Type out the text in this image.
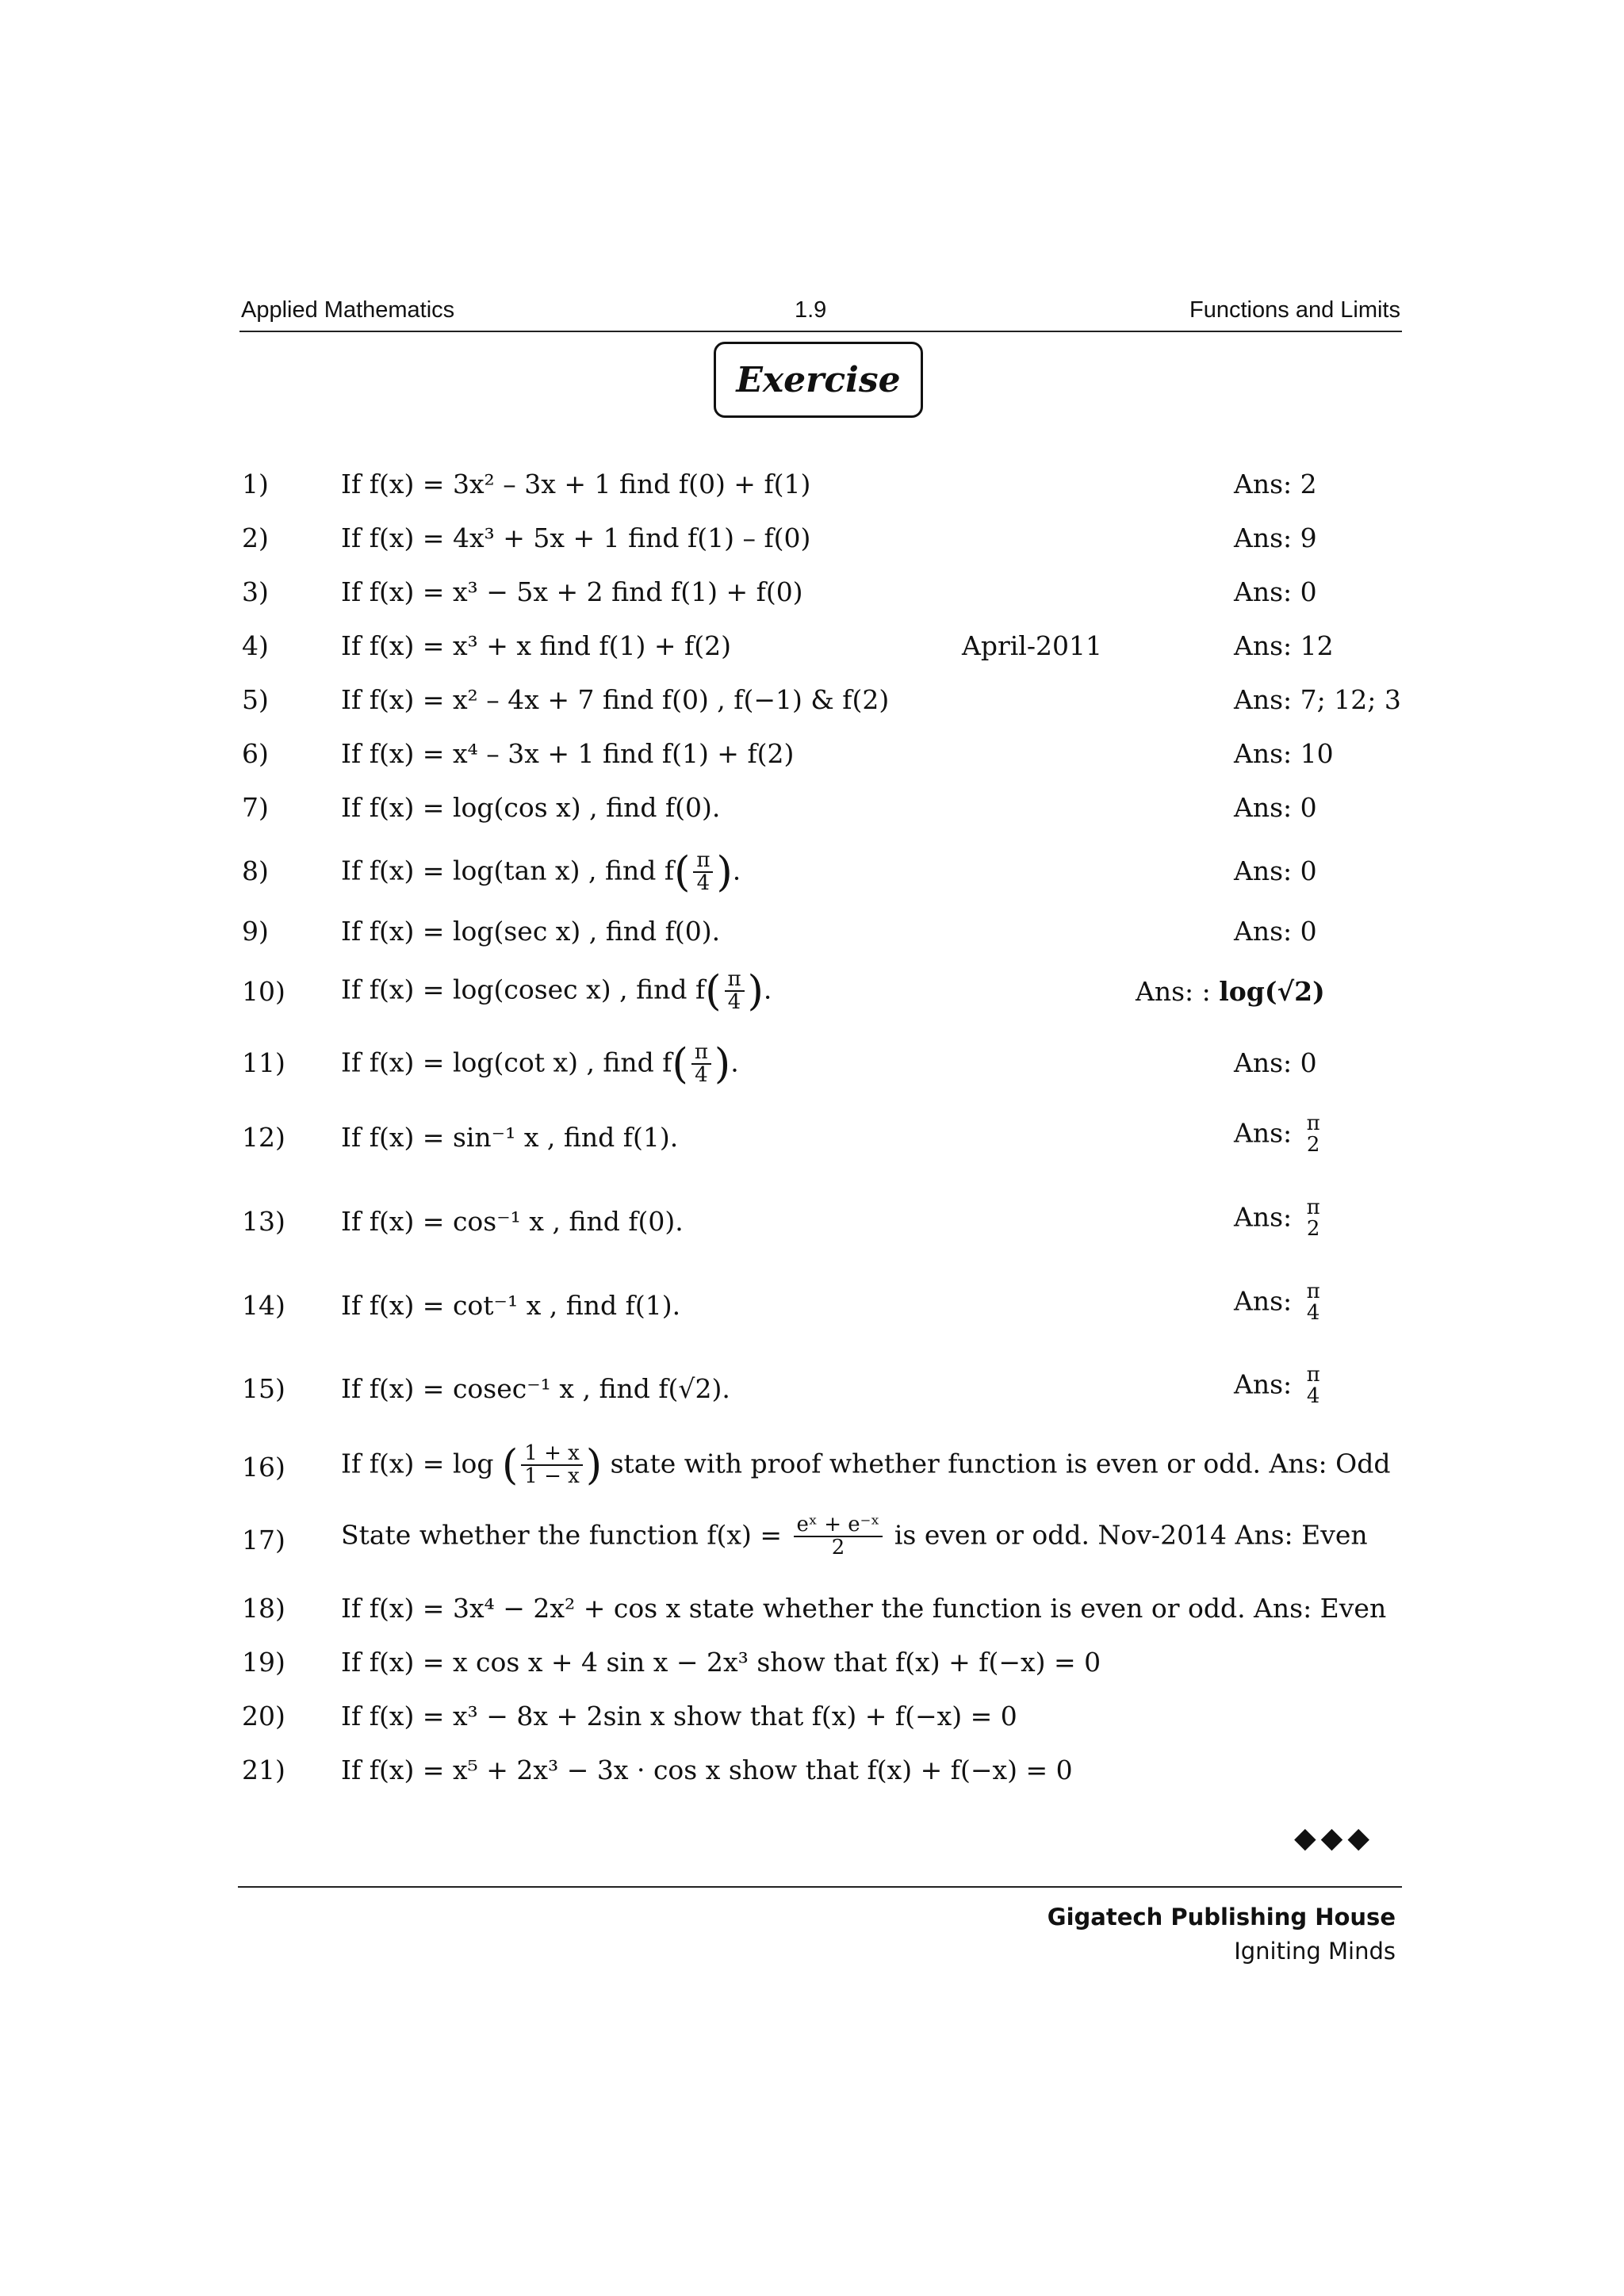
Applied Mathematics	1.9	Functions and Limits
Exercise
1)	If f(x) = 3x² – 3x + 1 find f(0) + f(1)	Ans: 2
2)	If f(x) = 4x³ + 5x + 1 find f(1) – f(0)	Ans: 9
3)	If f(x) = x³ − 5x + 2 find f(1) + f(0)	Ans: 0
4)	If f(x) = x³ + x find f(1) + f(2)	April-2011	Ans: 12
5)	If f(x) = x² – 4x + 7 find f(0) , f(−1) & f(2)	Ans: 7; 12; 3
6)	If f(x) = x⁴ – 3x + 1 find f(1) + f(2)	Ans: 10
7)	If f(x) = log(cos x) , find f(0).	Ans: 0
8)	If f(x) = log(tan x) , find $f( \frac{\pi}{4}$ ).	Ans: 0
9)	If f(x) = log(sec x) , find f(0).	Ans: 0
10) If f(x) = log(cosec x) , find $f( \frac{\pi}{4}$ ).	Ans: : log(√2)
11) If f(x) = log(cot x) , find $f( \frac{\pi}{4}$ ).	Ans: 0
12) If f(x) = sin⁻¹ x , find f(1).	Ans: π
2
13) If f(x) = cos⁻¹ x , find f(0).	Ans: π
2
14) If f(x) = cot⁻¹ x , find f(1).	Ans: π
4
15) If f(x) = cosec⁻¹ x , find f(√2).	Ans: π
4
16) If f(x) = log ( $\frac{1 + x}{1 - x}$ ) state with proof whether function is even or odd. Ans: Odd
17) State whether the function $f(x) = \frac{\text{eˣ + e⁻ˣ}}{2}$ is even or odd. Nov-2014 Ans: Even
18) If f(x) = 3x⁴ − 2x² + cos x state whether the function is even or odd. Ans: Even
19) If f(x) = x cos x + 4 sin x − 2x³ show that f(x) + f(−x) = 0
20) If f(x) = x³ − 8x + 2sin x show that f(x) + f(−x) = 0
21) If f(x) = x⁵ + 2x³ − 3x · cos x show that f(x) + f(−x) = 0
◆◆◆
Gigatech Publishing House
Igniting Minds
